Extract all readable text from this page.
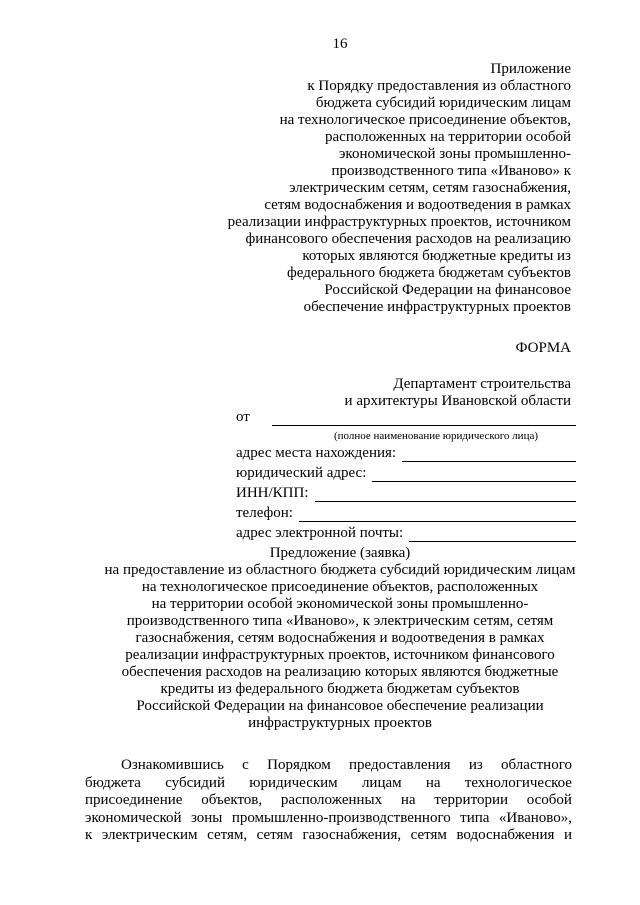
16
Приложение
к Порядку предоставления из областного
бюджета субсидий юридическим лицам
на технологическое присоединение объектов,
расположенных на территории особой
экономической зоны промышленно-
производственного типа «Иваново» к
электрическим сетям, сетям газоснабжения,
сетям водоснабжения и водоотведения в рамках
реализации инфраструктурных проектов, источником
финансового обеспечения расходов на реализацию
которых являются бюджетные кредиты из
федерального бюджета бюджетам субъектов
Российской Федерации на финансовое
обеспечение инфраструктурных проектов
ФОРМА
Департамент строительства
и архитектуры Ивановской области
от
(полное наименование юридического лица)
адрес места нахождения:
юридический адрес:
ИНН/КПП:
телефон:
адрес электронной почты:
Предложение (заявка)
на предоставление из областного бюджета субсидий юридическим лицам
на технологическое присоединение объектов, расположенных
на территории особой экономической зоны промышленно-
производственного типа «Иваново», к электрическим сетям, сетям
газоснабжения, сетям водоснабжения и водоотведения в рамках
реализации инфраструктурных проектов, источником финансового
обеспечения расходов на реализацию которых являются бюджетные
кредиты из федерального бюджета бюджетам субъектов
Российской Федерации на финансовое обеспечение реализации
инфраструктурных проектов
Ознакомившись с Порядком предоставления из областного
бюджета субсидий юридическим лицам на технологическое
присоединение объектов, расположенных на территории особой
экономической зоны промышленно-производственного типа «Иваново»,
к электрическим сетям, сетям газоснабжения, сетям водоснабжения и
